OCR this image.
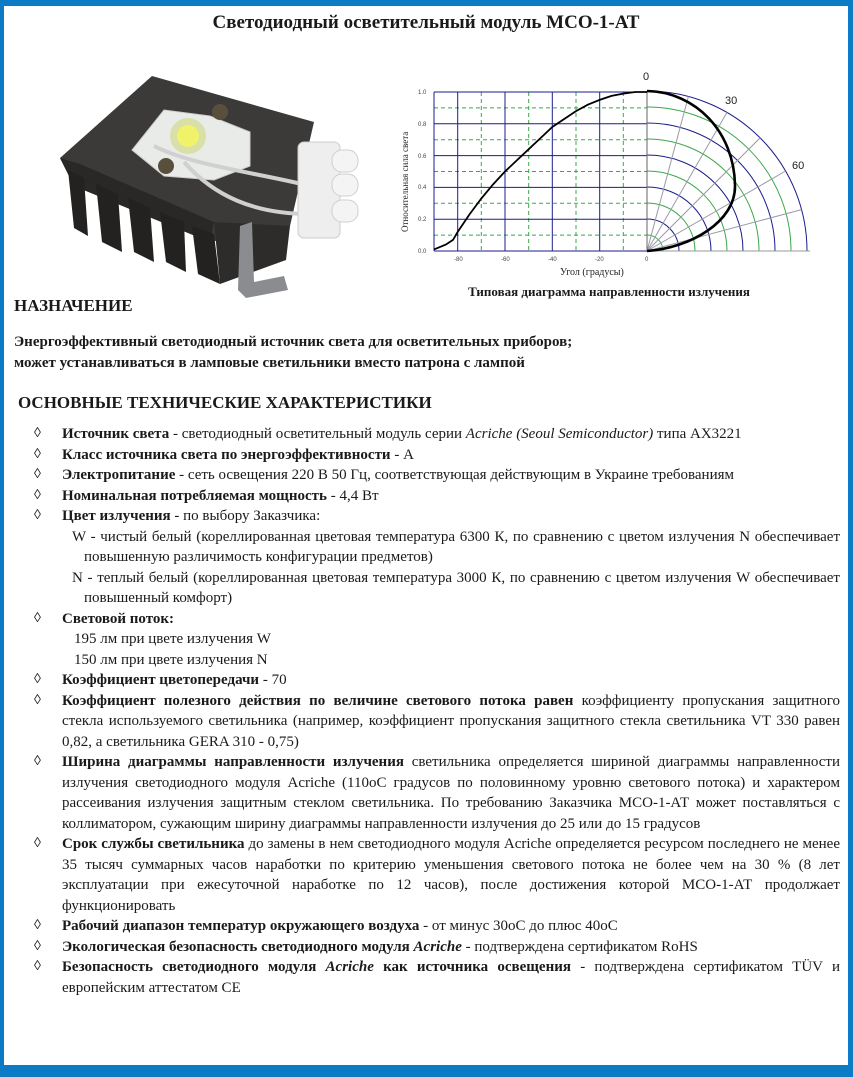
Светодиодный осветительный модуль МСО-1-АТ
1.0
0.8
0.6
0.4
0.2
0.0
-80	-60	-40	-20	0
0
30
60
Угол (градусы)
Относительная сила света
Типовая диаграмма направленности излучения
НАЗНАЧЕНИЕ
Энергоэффективный светодиодный источник света для осветительных приборов;
может устанавливаться в ламповые светильники вместо патрона с лампой
ОСНОВНЫЕ ТЕХНИЧЕСКИЕ ХАРАКТЕРИСТИКИ
◊ Источник света - светодиодный осветительный модуль серии Acriche (Seoul Semiconductor) типа АХ3221
◊ Класс источника света по энергоэффективности - А
◊ Электропитание - сеть освещения 220 В 50 Гц, соответствующая действующим в Украине требованиям
◊ Номинальная потребляемая мощность - 4,4 Вт
◊ Цвет излучения - по выбору Заказчика:
W - чистый белый (кореллированная цветовая температура 6300 К, по сравнению с цветом излучения N обеспечивает повышенную различимость конфигурации предметов)
N - теплый белый (кореллированная цветовая температура 3000 К, по сравнению с цветом излучения W обеспечивает повышенный комфорт)
◊ Световой поток:
195 лм при цвете излучения W
150 лм при цвете излучения N
◊ Коэффициент цветопередачи - 70
◊ Коэффициент полезного действия по величине светового потока равен коэффициенту пропускания защитного стекла используемого светильника (например, коэффициент пропускания защитного стекла светильника VT 330 равен 0,82, а светильника GERA 310 - 0,75)
◊ Ширина диаграммы направленности излучения светильника определяется шириной диаграммы направленности излучения светодиодного модуля Acriche (110oC градусов по половинному уровню светового потока) и характером рассеивания излучения защитным стеклом светильника. По требованию Заказчика МСО-1-АТ может поставляться с коллиматором, сужающим ширину диаграммы направленности излучения до 25 или до 15 градусов
◊ Срок службы светильника до замены в нем светодиодного модуля Acriche определяется ресурсом последнего не менее 35 тысяч суммарных часов наработки по критерию уменьшения светового потока не более чем на 30 % (8 лет эксплуатации при ежесуточной наработке по 12 часов), после достижения которой МСО-1-АТ продолжает функционировать
◊ Рабочий диапазон температур окружающего воздуха - от минус 30oC до плюс 40oC
◊ Экологическая безопасность светодиодного модуля Acriche - подтверждена сертификатом RoHS
◊ Безопасность светодиодного модуля Acriche как источника освещения - подтверждена сертификатом TÜV и европейским аттестатом CE
